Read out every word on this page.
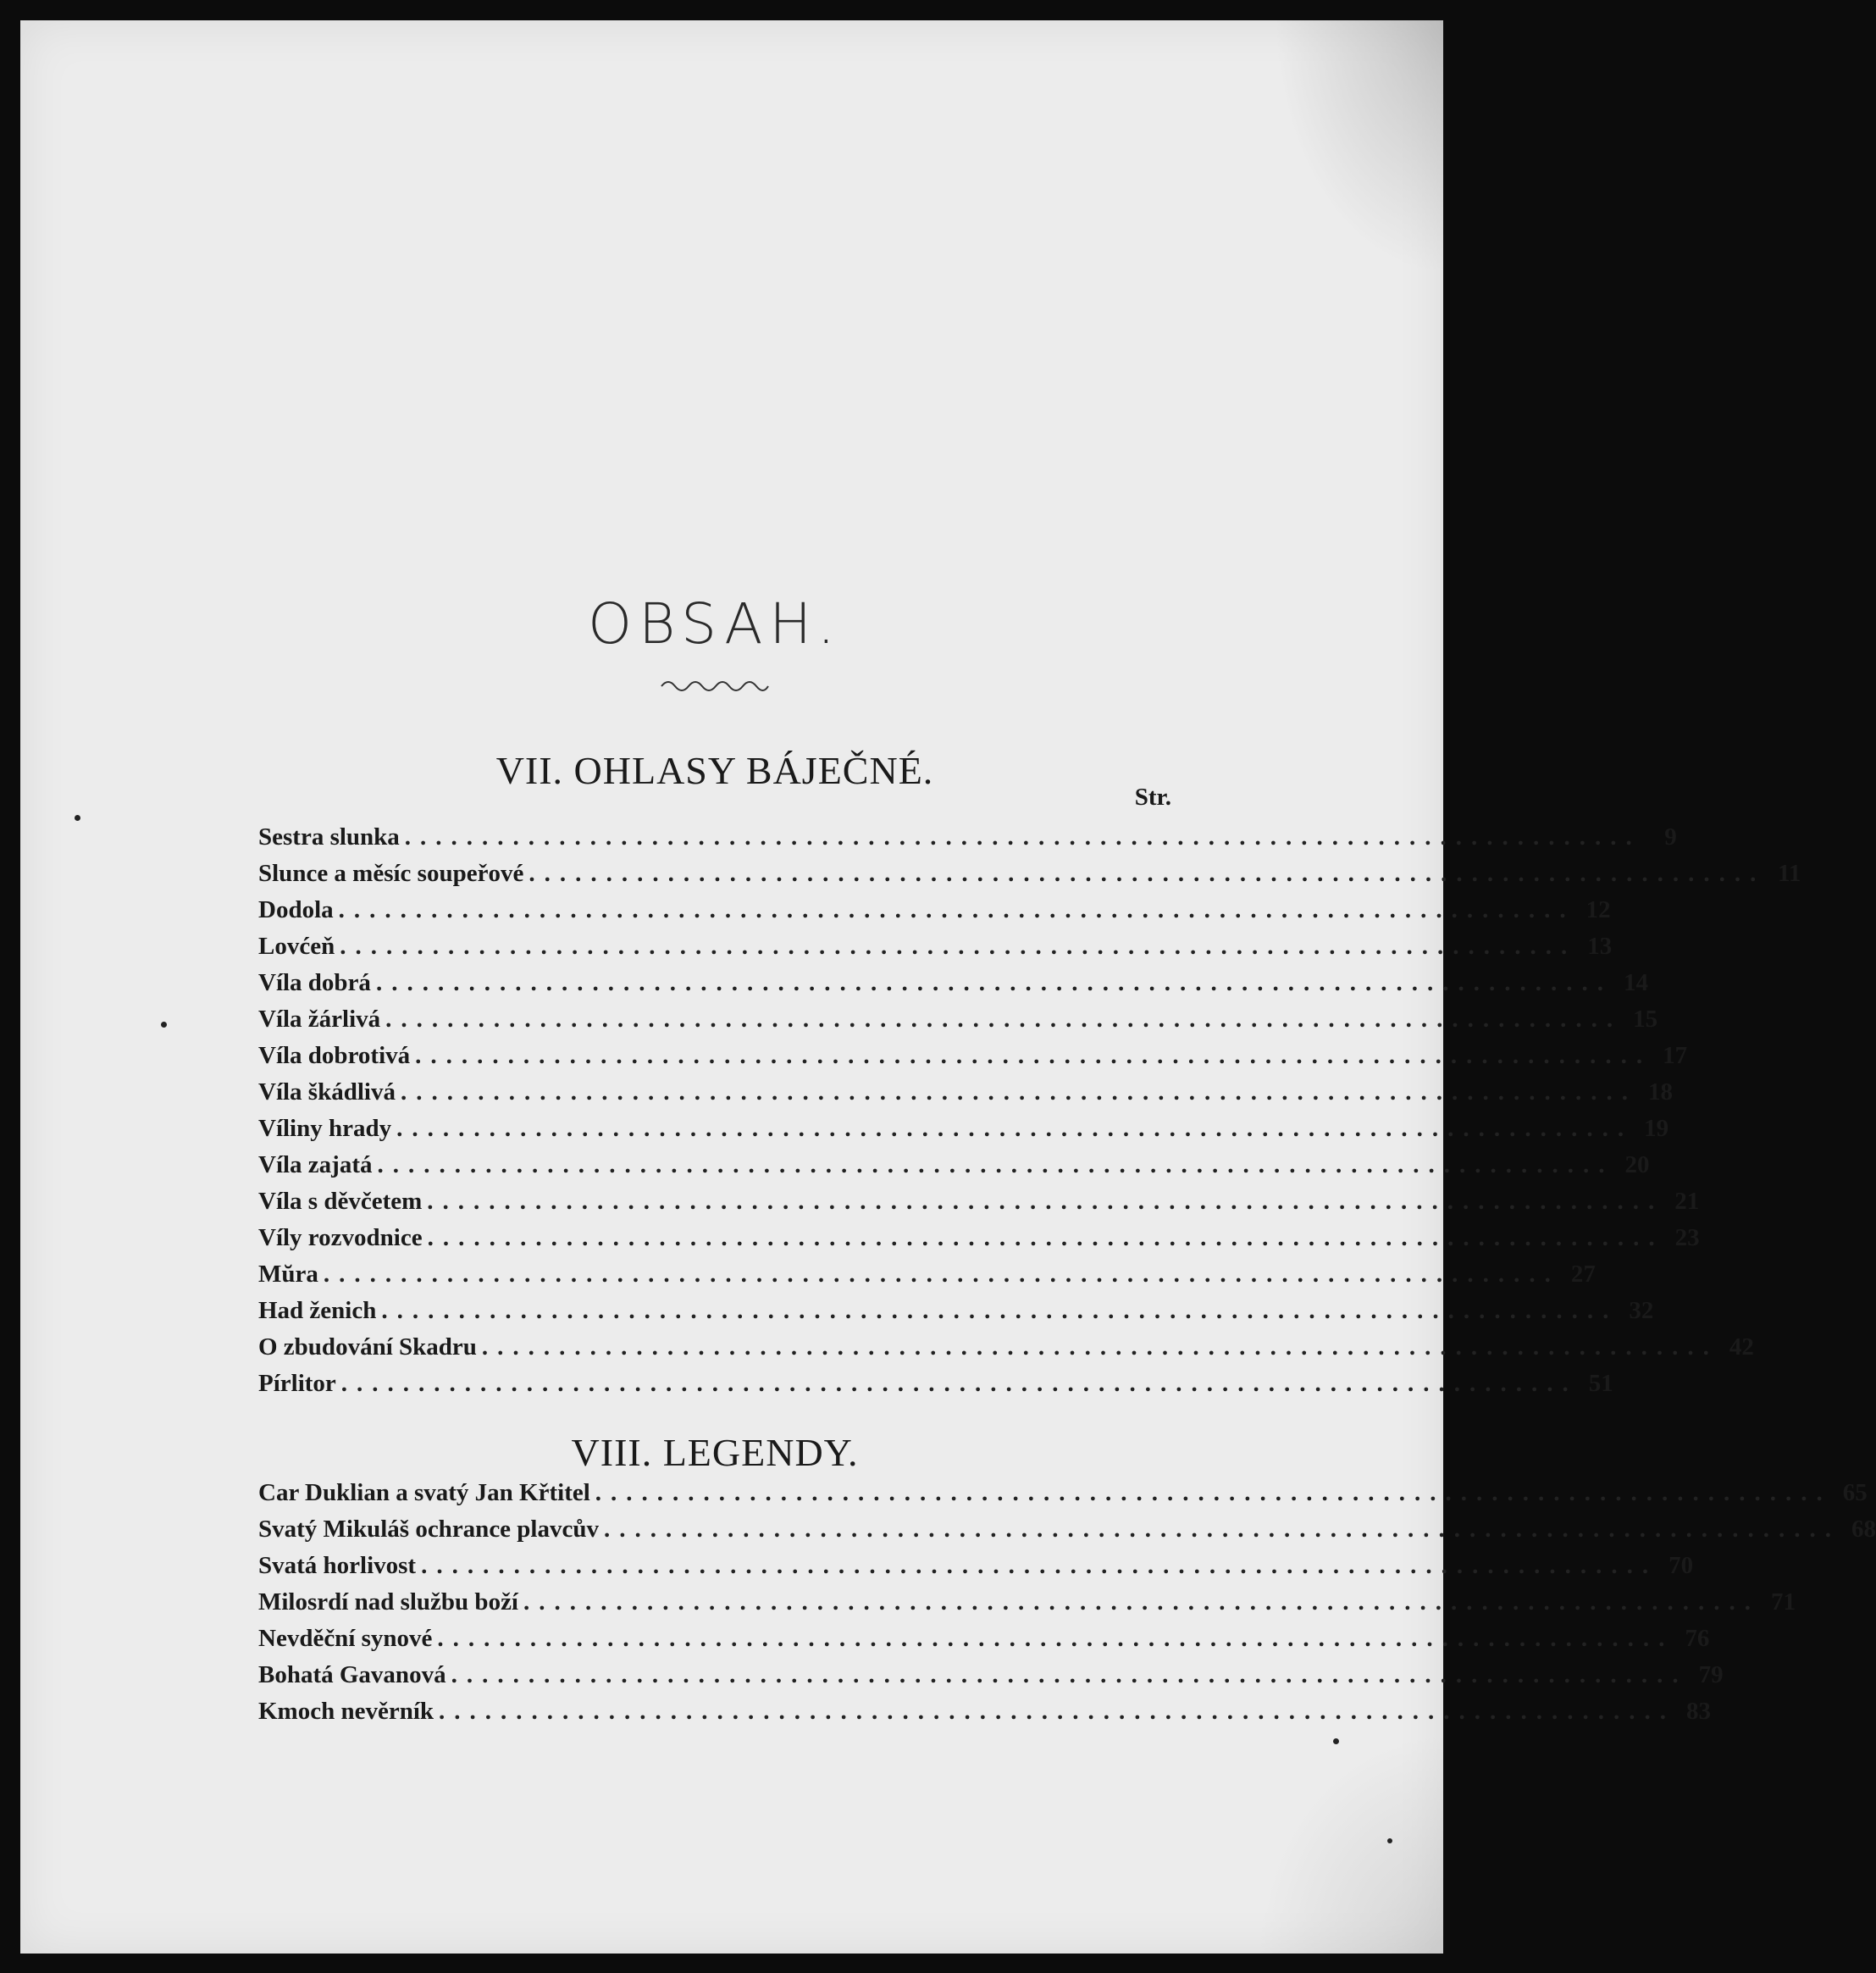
OBSAH.
VII. OHLASY BÁJEČNÉ.
Str.
Sestra slunka ................................................................................ 9
Slunce a měsíc soupeřové ................................................................................ 11
Dodola ................................................................................ 12
Lovćeň ................................................................................ 13
Víla dobrá ................................................................................ 14
Víla žárlivá ................................................................................ 15
Víla dobrotivá ................................................................................ 17
Víla škádlivá ................................................................................ 18
Víliny hrady ................................................................................ 19
Víla zajatá ................................................................................ 20
Víla s děvčetem ................................................................................ 21
Víly rozvodnice ................................................................................ 23
Mŭra ................................................................................ 27
Had ženich ................................................................................ 32
O zbudování Skadru ................................................................................ 42
Pírlitor ................................................................................ 51
VIII. LEGENDY.
Car Duklian a svatý Jan Křtitel ................................................................................ 65
Svatý Mikuláš ochrance plavcův ................................................................................ 68
Svatá horlivost ................................................................................ 70
Milosrdí nad službu boží ................................................................................ 71
Nevděční synové ................................................................................ 76
Bohatá Gavanová ................................................................................ 79
Kmoch nevěrník ................................................................................ 83
